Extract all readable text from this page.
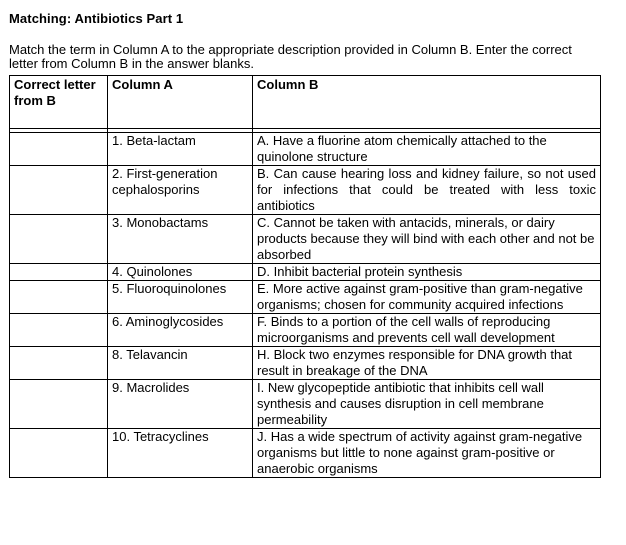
Matching: Antibiotics Part 1
Match the term in Column A to the appropriate description provided in Column B. Enter the correct letter from Column B in the answer blanks.
Correct letter from B	Column A	Column B

	1. Beta-lactam	A. Have a fluorine atom chemically attached to the quinolone structure
	2. First-generation cephalosporins	B. Can cause hearing loss and kidney failure, so not used for infections that could be treated with less toxic antibiotics
	3. Monobactams	C. Cannot be taken with antacids, minerals, or dairy products because they will bind with each other and not be absorbed
	4. Quinolones	D. Inhibit bacterial protein synthesis
	5. Fluoroquinolones	E. More active against gram-positive than gram-negative organisms; chosen for community acquired infections
	6. Aminoglycosides	F. Binds to a portion of the cell walls of reproducing microorganisms and prevents cell wall development
	8. Telavancin	H. Block two enzymes responsible for DNA growth that result in breakage of the DNA
	9. Macrolides	I. New glycopeptide antibiotic that inhibits cell wall synthesis and causes disruption in cell membrane permeability
	10. Tetracyclines	J. Has a wide spectrum of activity against gram-negative organisms but little to none against gram-positive or anaerobic organisms
